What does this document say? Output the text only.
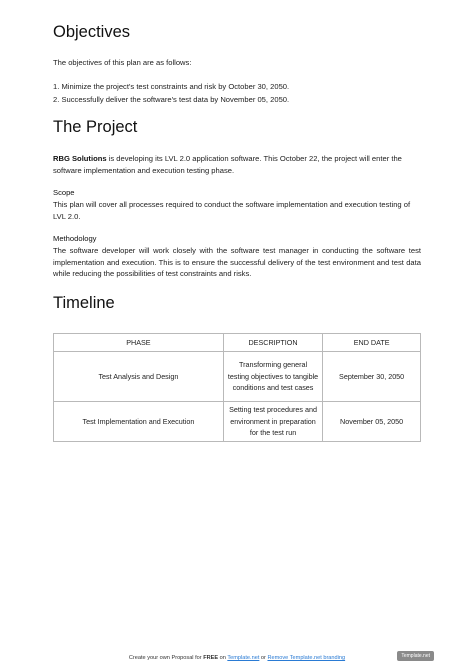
Objectives

The objectives of this plan are as follows:

1. Minimize the project's test constraints and risk by October 30, 2050.
2. Successfully deliver the software's test data by November 05, 2050.
The Project

RBG Solutions is developing its LVL 2.0 application software. This October 22, the project will enter the software implementation and execution testing phase.

Scope

This plan will cover all processes required to conduct the software implementation and execution testing of LVL 2.0.

Methodology

The software developer will work closely with the software test manager in conducting the software test implementation and execution. This is to ensure the successful delivery of the test environment and test data while reducing the possibilities of test constraints and risks.

Timeline
PHASE	DESCRIPTION	END DATE
Test Analysis and Design	Transforming general testing objectives to tangible conditions and test cases	September 30, 2050
Test Implementation and Execution	Setting test procedures and environment in preparation for the test run	November 05, 2050
Create your own Proposal for FREE on Template.net or Remove Template.net branding	Template.net
